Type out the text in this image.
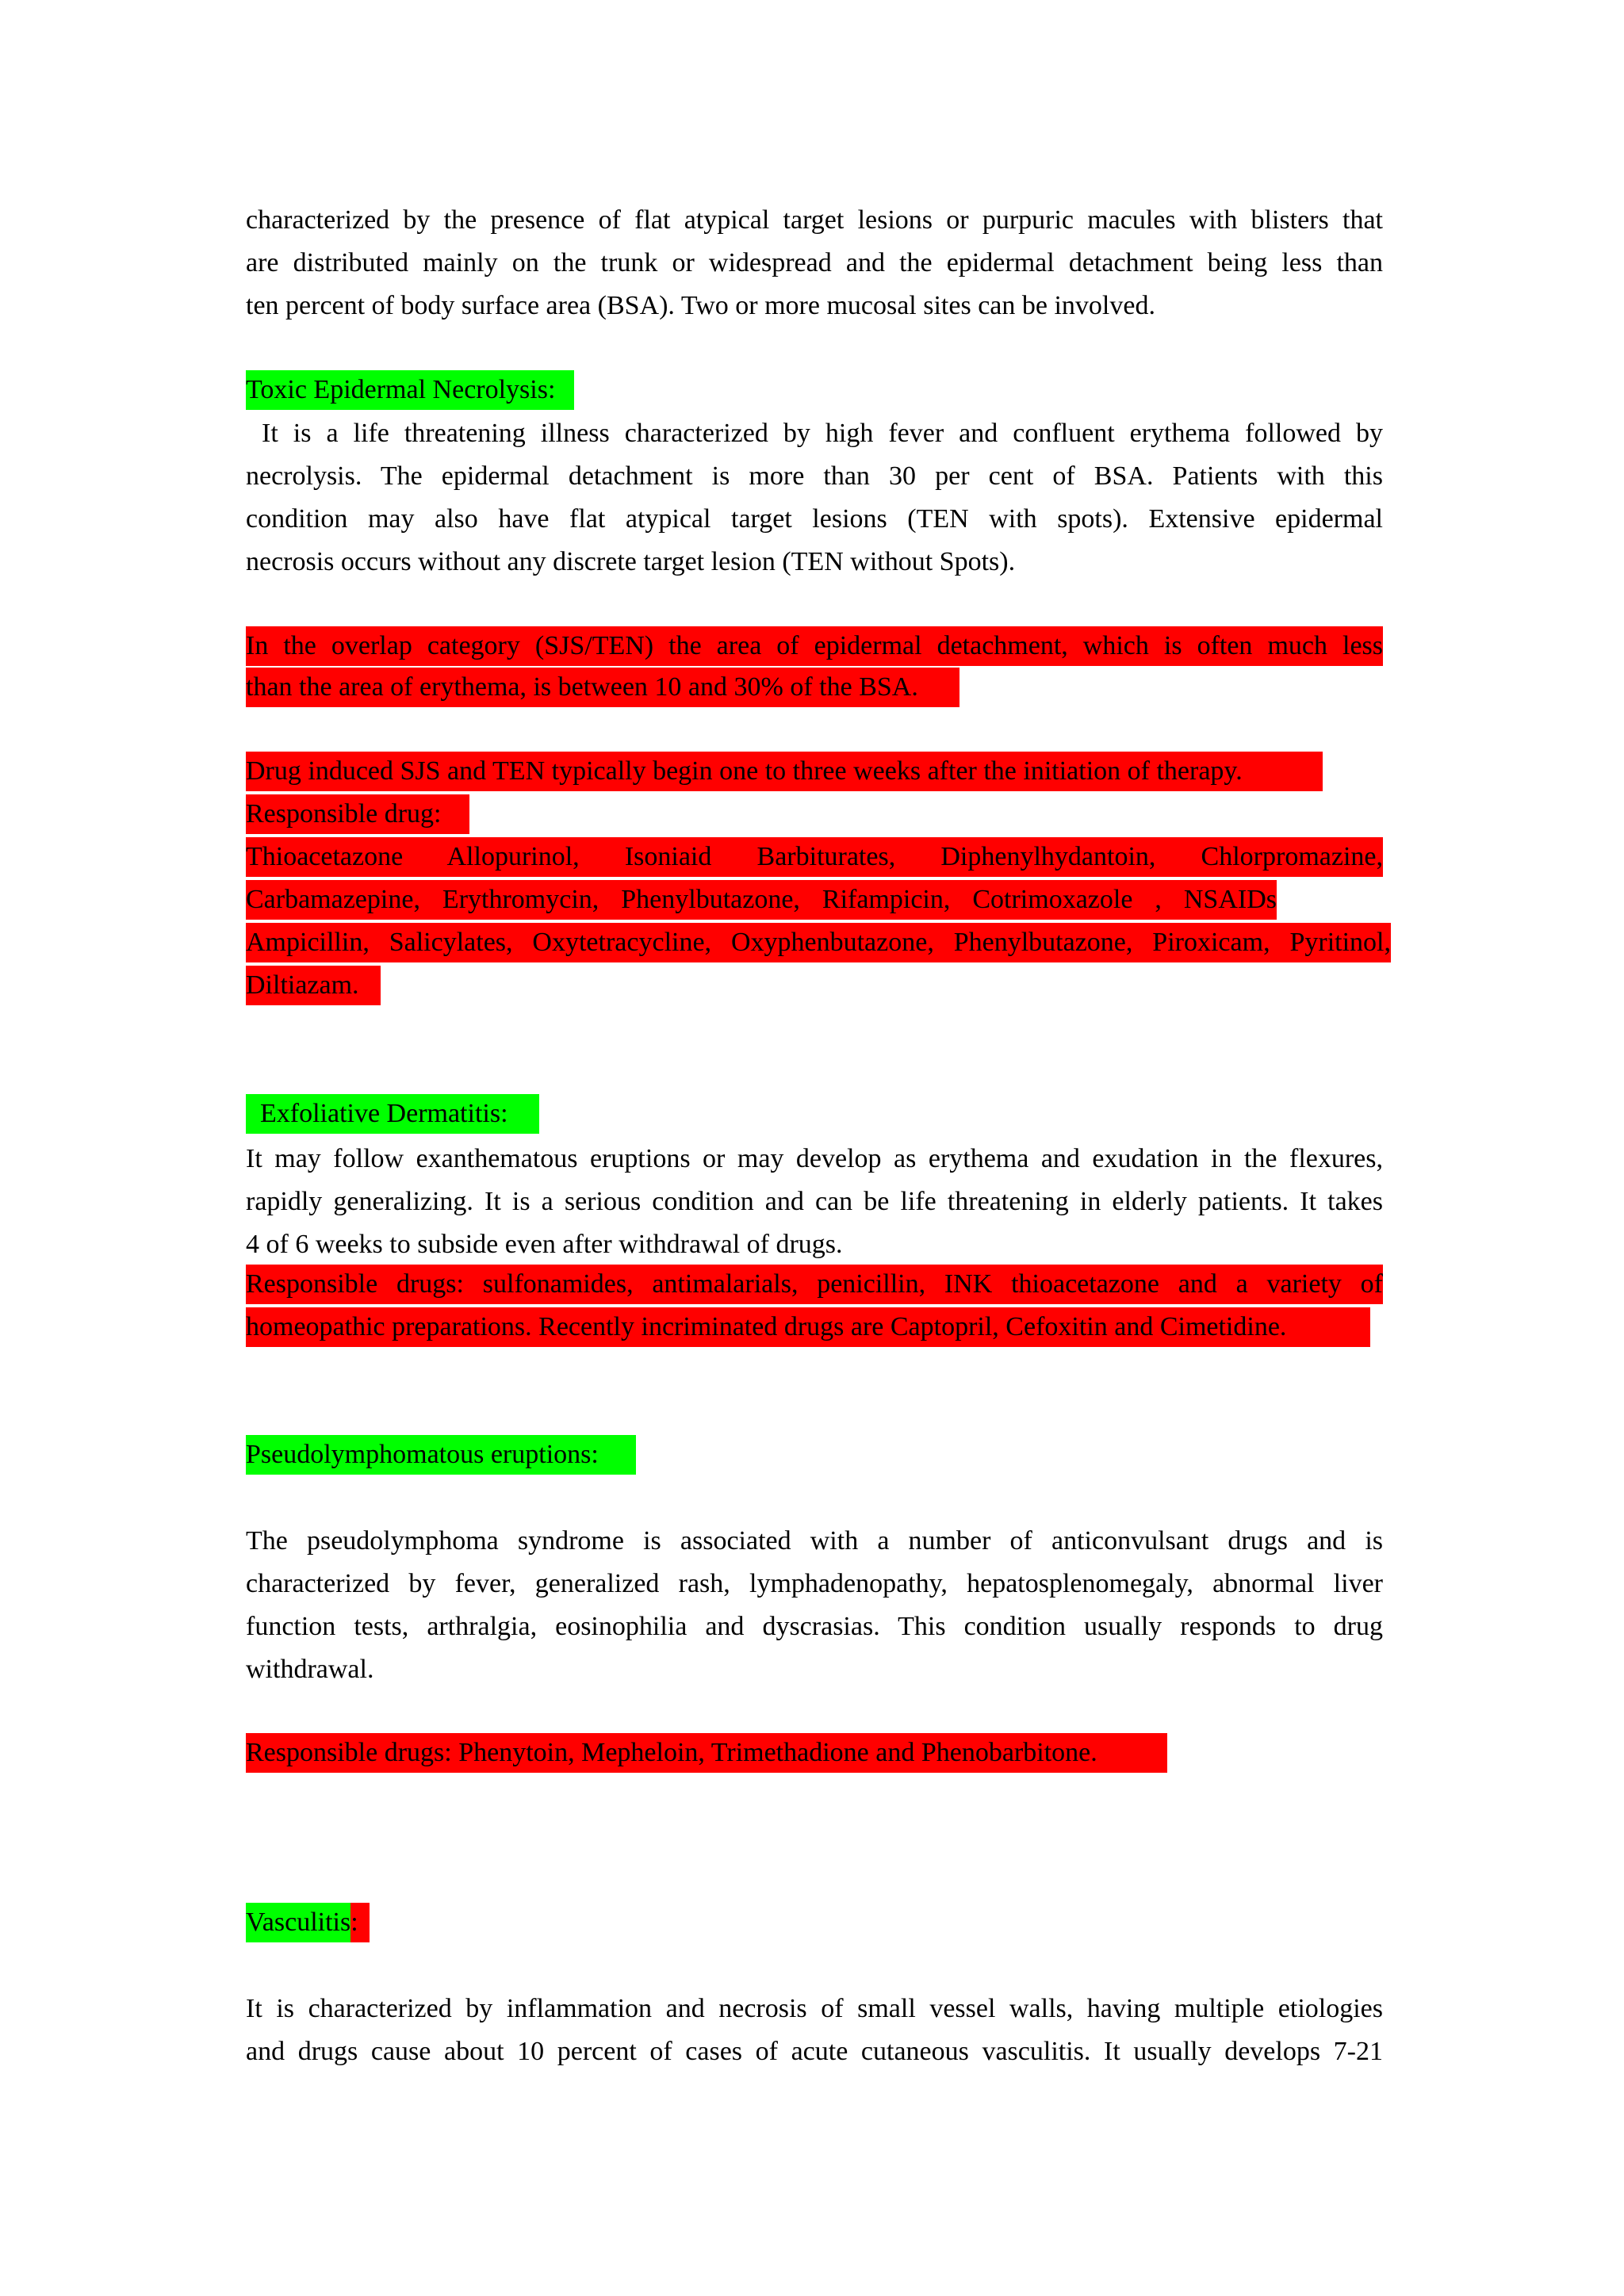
characterized by the presence of flat atypical target lesions or purpuric macules with blisters that
are distributed mainly on the trunk or widespread and the epidermal detachment being less than
ten percent of body surface area (BSA). Two or more mucosal sites can be involved.
Toxic Epidermal Necrolysis:
It is a life threatening illness characterized by high fever and confluent erythema followed by
necrolysis. The epidermal detachment is more than 30 per cent of BSA. Patients with this
condition may also have flat atypical target lesions (TEN with spots). Extensive epidermal
necrosis occurs without any discrete target lesion (TEN without Spots).
In the overlap category (SJS/TEN) the area of epidermal detachment, which is often much less
than the area of erythema, is between 10 and 30% of the BSA.
Drug induced SJS and TEN typically begin one to three weeks after the initiation of therapy.
Responsible drug:
Thioacetazone Allopurinol, Isoniaid Barbiturates, Diphenylhydantoin, Chlorpromazine,
Carbamazepine, Erythromycin, Phenylbutazone, Rifampicin, Cotrimoxazole , NSAIDs
Ampicillin, Salicylates, Oxytetracycline, Oxyphenbutazone, Phenylbutazone, Piroxicam, Pyritinol,
Diltiazam.
Exfoliative Dermatitis:
It may follow exanthematous eruptions or may develop as erythema and exudation in the flexures,
rapidly generalizing. It is a serious condition and can be life threatening in elderly patients. It takes
4 of 6 weeks to subside even after withdrawal of drugs.
Responsible drugs: sulfonamides, antimalarials, penicillin, INK thioacetazone and a variety of
homeopathic preparations. Recently incriminated drugs are Captopril, Cefoxitin and Cimetidine.
Pseudolymphomatous eruptions:
The pseudolymphoma syndrome is associated with a number of anticonvulsant drugs and is
characterized by fever, generalized rash, lymphadenopathy, hepatosplenomegaly, abnormal liver
function tests, arthralgia, eosinophilia and dyscrasias. This condition usually responds to drug
withdrawal.
Responsible drugs: Phenytoin, Mepheloin, Trimethadione and Phenobarbitone.
Vasculitis:
It is characterized by inflammation and necrosis of small vessel walls, having multiple etiologies
and drugs cause about 10 percent of cases of acute cutaneous vasculitis. It usually develops 7-21
